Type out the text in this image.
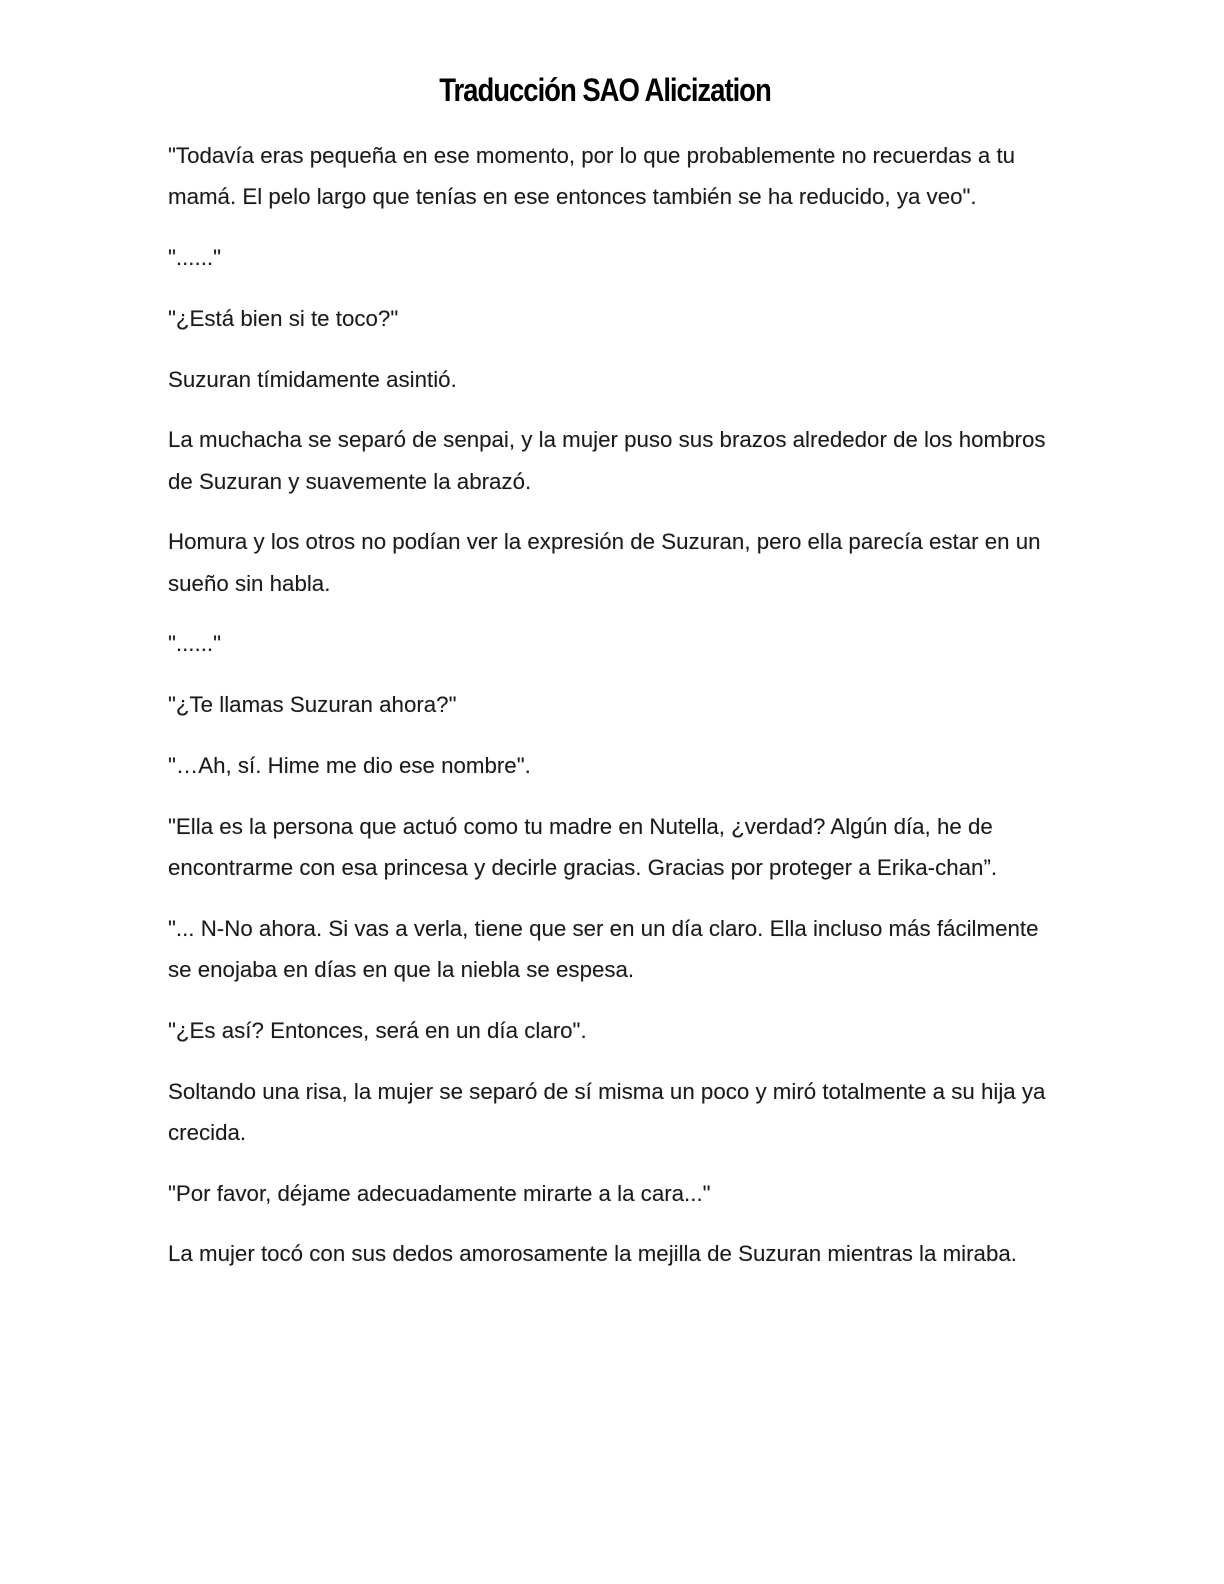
Traducción SAO Alicization

"Todavía eras pequeña en ese momento, por lo que probablemente no recuerdas a tu mamá. El pelo largo que tenías en ese entonces también se ha reducido, ya veo".

"......"

"¿Está bien si te toco?"

Suzuran tímidamente asintió.

La muchacha se separó de senpai, y la mujer puso sus brazos alrededor de los hombros de Suzuran y suavemente la abrazó.

Homura y los otros no podían ver la expresión de Suzuran, pero ella parecía estar en un sueño sin habla.

"......"

"¿Te llamas Suzuran ahora?"

"…Ah, sí. Hime me dio ese nombre".

"Ella es la persona que actuó como tu madre en Nutella, ¿verdad? Algún día, he de encontrarme con esa princesa y decirle gracias. Gracias por proteger a Erika-chan”.

"... N-No ahora. Si vas a verla, tiene que ser en un día claro. Ella incluso más fácilmente se enojaba en días en que la niebla se espesa.

"¿Es así? Entonces, será en un día claro".

Soltando una risa, la mujer se separó de sí misma un poco y miró totalmente a su hija ya crecida.

"Por favor, déjame adecuadamente mirarte a la cara..."

La mujer tocó con sus dedos amorosamente la mejilla de Suzuran mientras la miraba.
